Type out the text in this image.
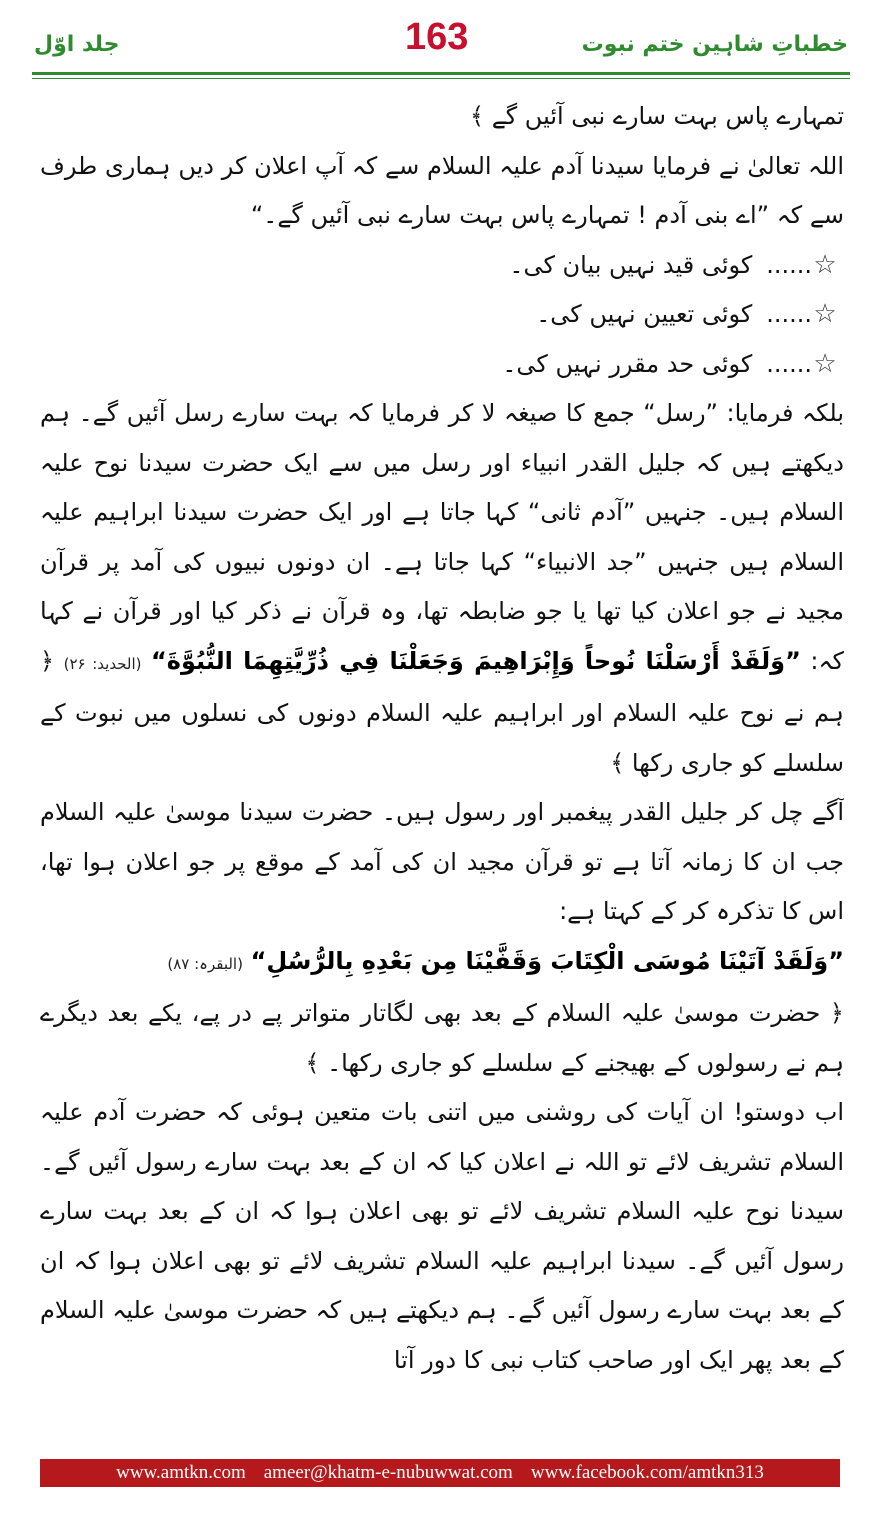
جلد اوّل	163	خطباتِ شاہین ختم نبوت

تمہارے پاس بہت سارے نبی آئیں گے ﴾

اللہ تعالیٰ نے فرمایا سیدنا آدم علیہ السلام سے کہ آپ اعلان کر دیں ہماری طرف سے کہ ”اے بنی آدم ! تمہارے پاس بہت سارے نبی آئیں گے۔“

☆...... کوئی قید نہیں بیان کی۔

☆...... کوئی تعیین نہیں کی۔

☆...... کوئی حد مقرر نہیں کی۔

بلکہ فرمایا: ”رسل“ جمع کا صیغہ لا کر فرمایا کہ بہت سارے رسل آئیں گے۔ ہم دیکھتے ہیں کہ جلیل القدر انبیاء اور رسل میں سے ایک حضرت سیدنا نوح علیہ السلام ہیں۔ جنہیں ”آدم ثانی“ کہا جاتا ہے اور ایک حضرت سیدنا ابراہیم علیہ السلام ہیں جنہیں ”جد الانبیاء“ کہا جاتا ہے۔ ان دونوں نبیوں کی آمد پر قرآن مجید نے جو اعلان کیا تھا یا جو ضابطہ تھا، وہ قرآن نے ذکر کیا اور قرآن نے کہا کہ: ”وَلَقَدْ أَرْسَلْنَا نُوحاً وَإِبْرَاهِيمَ وَجَعَلْنَا فِي ذُرِّيَّتِهِمَا النُّبُوَّةَ“ (الحدید: ۲۶) ﴿ ہم نے نوح علیہ السلام اور ابراہیم علیہ السلام دونوں کی نسلوں میں نبوت کے سلسلے کو جاری رکھا ﴾

آگے چل کر جلیل القدر پیغمبر اور رسول ہیں۔ حضرت سیدنا موسیٰ علیہ السلام جب ان کا زمانہ آتا ہے تو قرآن مجید ان کی آمد کے موقع پر جو اعلان ہوا تھا، اس کا تذکرہ کر کے کہتا ہے:

”وَلَقَدْ آتَيْنَا مُوسَى الْكِتَابَ وَقَفَّيْنَا مِن بَعْدِهِ بِالرُّسُلِ“ (البقرہ: ۸۷)

﴿ حضرت موسیٰ علیہ السلام کے بعد بھی لگاتار متواتر پے در پے، یکے بعد دیگرے ہم نے رسولوں کے بھیجنے کے سلسلے کو جاری رکھا۔ ﴾

اب دوستو! ان آیات کی روشنی میں اتنی بات متعین ہوئی کہ حضرت آدم علیہ السلام تشریف لائے تو اللہ نے اعلان کیا کہ ان کے بعد بہت سارے رسول آئیں گے۔ سیدنا نوح علیہ السلام تشریف لائے تو بھی اعلان ہوا کہ ان کے بعد بہت سارے رسول آئیں گے۔ سیدنا ابراہیم علیہ السلام تشریف لائے تو بھی اعلان ہوا کہ ان کے بعد بہت سارے رسول آئیں گے۔ ہم دیکھتے ہیں کہ حضرت موسیٰ علیہ السلام کے بعد پھر ایک اور صاحب کتاب نبی کا دور آتا

www.amtkn.com ameer@khatm-e-nubuwwat.com www.facebook.com/amtkn313
